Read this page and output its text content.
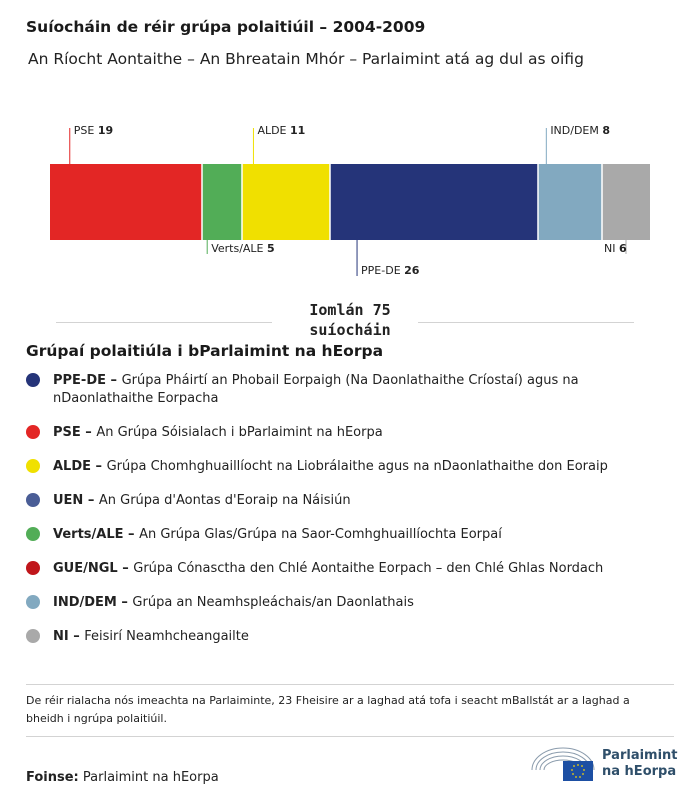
Suíocháin de réir grúpa polaitiúil – 2004-2009
An Ríocht Aontaithe – An Bhreatain Mhór – Parlaimint atá ag dul as oifig
PSE 19
Verts/ALE 5
ALDE 11
PPE-DE 26
IND/DEM 8
NI 6
Iomlán 75
suíocháin
Grúpaí polaitiúla i bParlaimint na hEorpa
PPE-DE – Grúpa Pháirtí an Phobail Eorpaigh (Na Daonlathaithe Críostaí) agus na nDaonlathaithe Eorpacha
PSE – An Grúpa Sóisialach i bParlaimint na hEorpa
ALDE – Grúpa Chomhghuaillíocht na Liobrálaithe agus na nDaonlathaithe don Eoraip
UEN – An Grúpa d'Aontas d'Eoraip na Náisiún
Verts/ALE – An Grúpa Glas/Grúpa na Saor-Comhghuaillíochta Eorpaí
GUE/NGL – Grúpa Cónasctha den Chlé Aontaithe Eorpach – den Chlé Ghlas Nordach
IND/DEM – Grúpa an Neamhspleáchais/an Daonlathais
NI – Feisirí Neamhcheangailte
De réir rialacha nós imeachta na Parlaiminte, 23 Fheisire ar a laghad atá tofa i seacht mBallstát ar a laghad a bheidh i ngrúpa polaitiúil.
Foinse: Parlaimint na hEorpa
Parlaimint
na hEorpa
